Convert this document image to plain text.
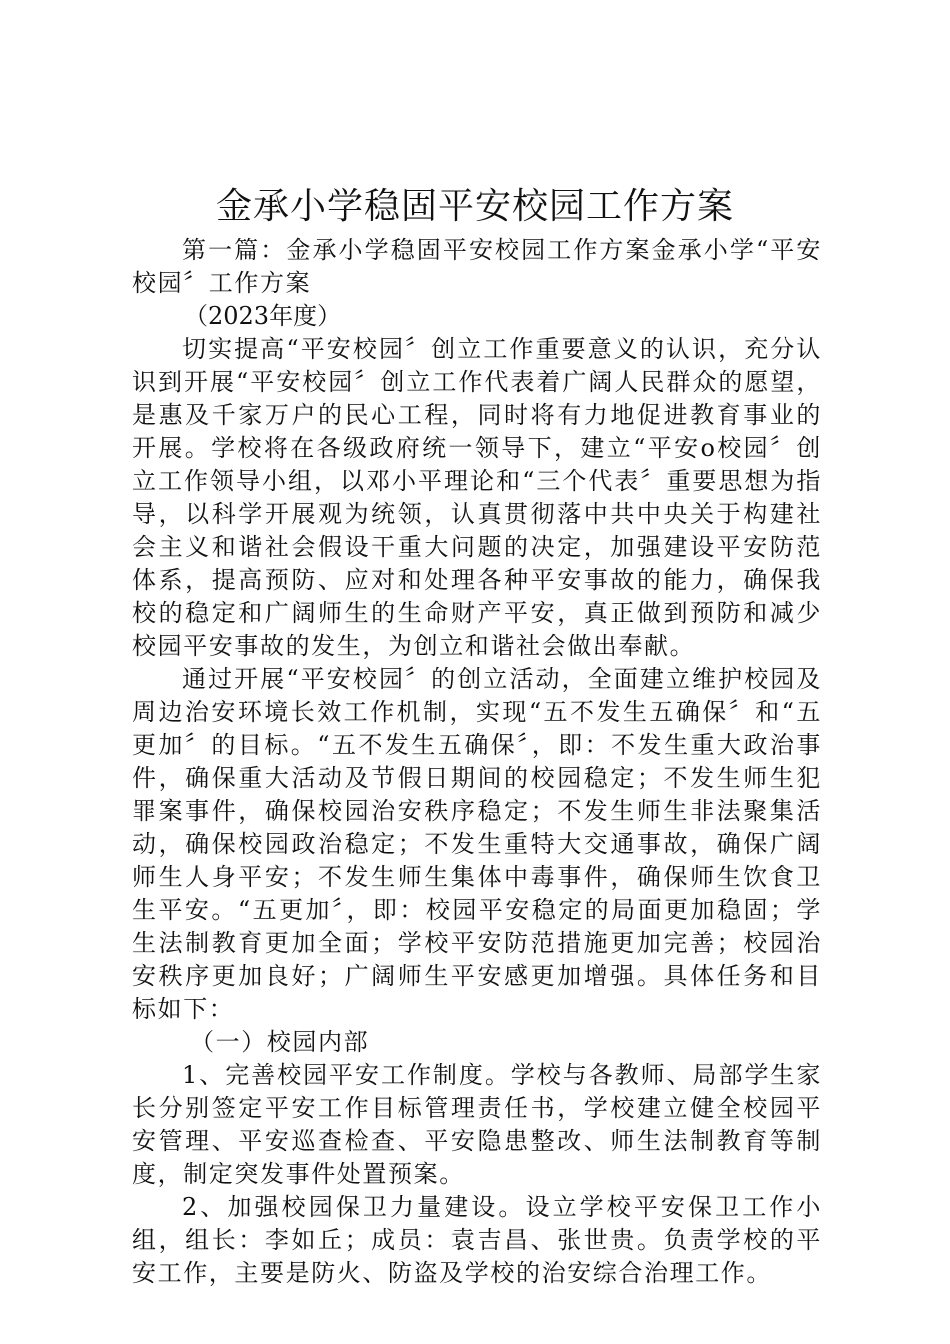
金承小学稳固平安校园工作方案

第一篇：金承小学稳固平安校园工作方案金承小学“平安校园〞工作方案

（2023年度）

切实提高“平安校园〞创立工作重要意义的认识，充分认识到开展“平安校园〞创立工作代表着广阔人民群众的愿望，是惠及千家万户的民心工程，同时将有力地促进教育事业的开展。学校将在各级政府统一领导下，建立“平安o校园〞创立工作领导小组，以邓小平理论和“三个代表〞重要思想为指导，以科学开展观为统领，认真贯彻落中共中央关于构建社会主义和谐社会假设干重大问题的决定，加强建设平安防范体系，提高预防、应对和处理各种平安事故的能力，确保我校的稳定和广阔师生的生命财产平安，真正做到预防和减少校园平安事故的发生，为创立和谐社会做出奉献。

通过开展“平安校园〞的创立活动，全面建立维护校园及周边治安环境长效工作机制，实现“五不发生五确保〞和“五更加〞的目标。“五不发生五确保〞，即：不发生重大政治事件，确保重大活动及节假日期间的校园稳定；不发生师生犯罪案事件，确保校园治安秩序稳定；不发生师生非法聚集活动，确保校园政治稳定；不发生重特大交通事故，确保广阔师生人身平安；不发生师生集体中毒事件，确保师生饮食卫生平安。“五更加〞，即：校园平安稳定的局面更加稳固；学生法制教育更加全面；学校平安防范措施更加完善；校园治安秩序更加良好；广阔师生平安感更加增强。具体任务和目标如下：

（一）校园内部

1、完善校园平安工作制度。学校与各教师、局部学生家长分别签定平安工作目标管理责任书，学校建立健全校园平安管理、平安巡查检查、平安隐患整改、师生法制教育等制度，制定突发事件处置预案。

2、加强校园保卫力量建设。设立学校平安保卫工作小组，组长：李如丘；成员：袁吉昌、张世贵。负责学校的平安工作，主要是防火、防盗及学校的治安综合治理工作。
